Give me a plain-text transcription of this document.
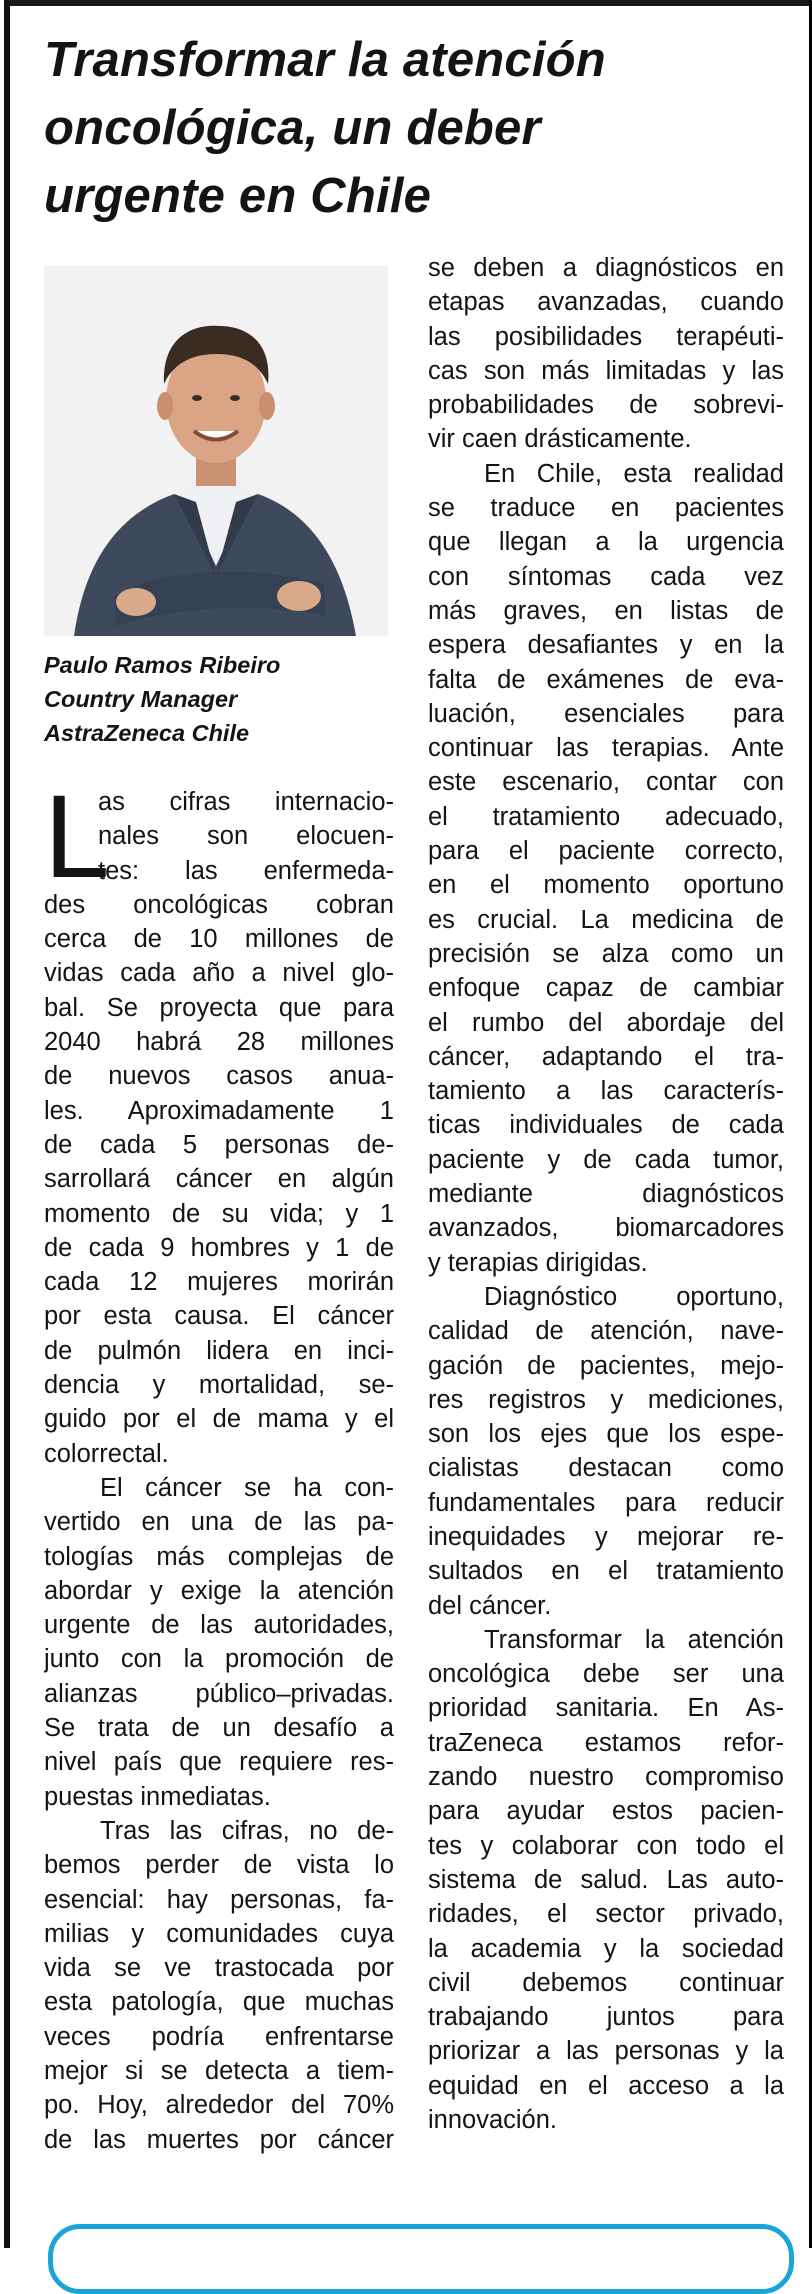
Transformar la atención
oncológica, un deber
urgente en Chile
Paulo Ramos Ribeiro
Country Manager
AstraZeneca Chile
L
as cifras internacio-
nales son elocuen-
tes: las enfermeda-
des oncológicas cobran
cerca de 10 millones de
vidas cada año a nivel glo-
bal. Se proyecta que para
2040 habrá 28 millones
de nuevos casos anua-
les. Aproximadamente 1
de cada 5 personas de-
sarrollará cáncer en algún
momento de su vida; y 1
de cada 9 hombres y 1 de
cada 12 mujeres morirán
por esta causa. El cáncer
de pulmón lidera en inci-
dencia y mortalidad, se-
guido por el de mama y el
colorrectal.
El cáncer se ha con-
vertido en una de las pa-
tologías más complejas de
abordar y exige la atención
urgente de las autoridades,
junto con la promoción de
alianzas público–privadas.
Se trata de un desafío a
nivel país que requiere res-
puestas inmediatas.
Tras las cifras, no de-
bemos perder de vista lo
esencial: hay personas, fa-
milias y comunidades cuya
vida se ve trastocada por
esta patología, que muchas
veces podría enfrentarse
mejor si se detecta a tiem-
po. Hoy, alrededor del 70%
de las muertes por cáncer
se deben a diagnósticos en
etapas avanzadas, cuando
las posibilidades terapéuti-
cas son más limitadas y las
probabilidades de sobrevi-
vir caen drásticamente.
En Chile, esta realidad
se traduce en pacientes
que llegan a la urgencia
con síntomas cada vez
más graves, en listas de
espera desafiantes y en la
falta de exámenes de eva-
luación, esenciales para
continuar las terapias. Ante
este escenario, contar con
el tratamiento adecuado,
para el paciente correcto,
en el momento oportuno
es crucial. La medicina de
precisión se alza como un
enfoque capaz de cambiar
el rumbo del abordaje del
cáncer, adaptando el tra-
tamiento a las caracterís-
ticas individuales de cada
paciente y de cada tumor,
mediante diagnósticos
avanzados, biomarcadores
y terapias dirigidas.
Diagnóstico oportuno,
calidad de atención, nave-
gación de pacientes, mejo-
res registros y mediciones,
son los ejes que los espe-
cialistas destacan como
fundamentales para reducir
inequidades y mejorar re-
sultados en el tratamiento
del cáncer.
Transformar la atención
oncológica debe ser una
prioridad sanitaria. En As-
traZeneca estamos refor-
zando nuestro compromiso
para ayudar estos pacien-
tes y colaborar con todo el
sistema de salud. Las auto-
ridades, el sector privado,
la academia y la sociedad
civil debemos continuar
trabajando juntos para
priorizar a las personas y la
equidad en el acceso a la
innovación.
